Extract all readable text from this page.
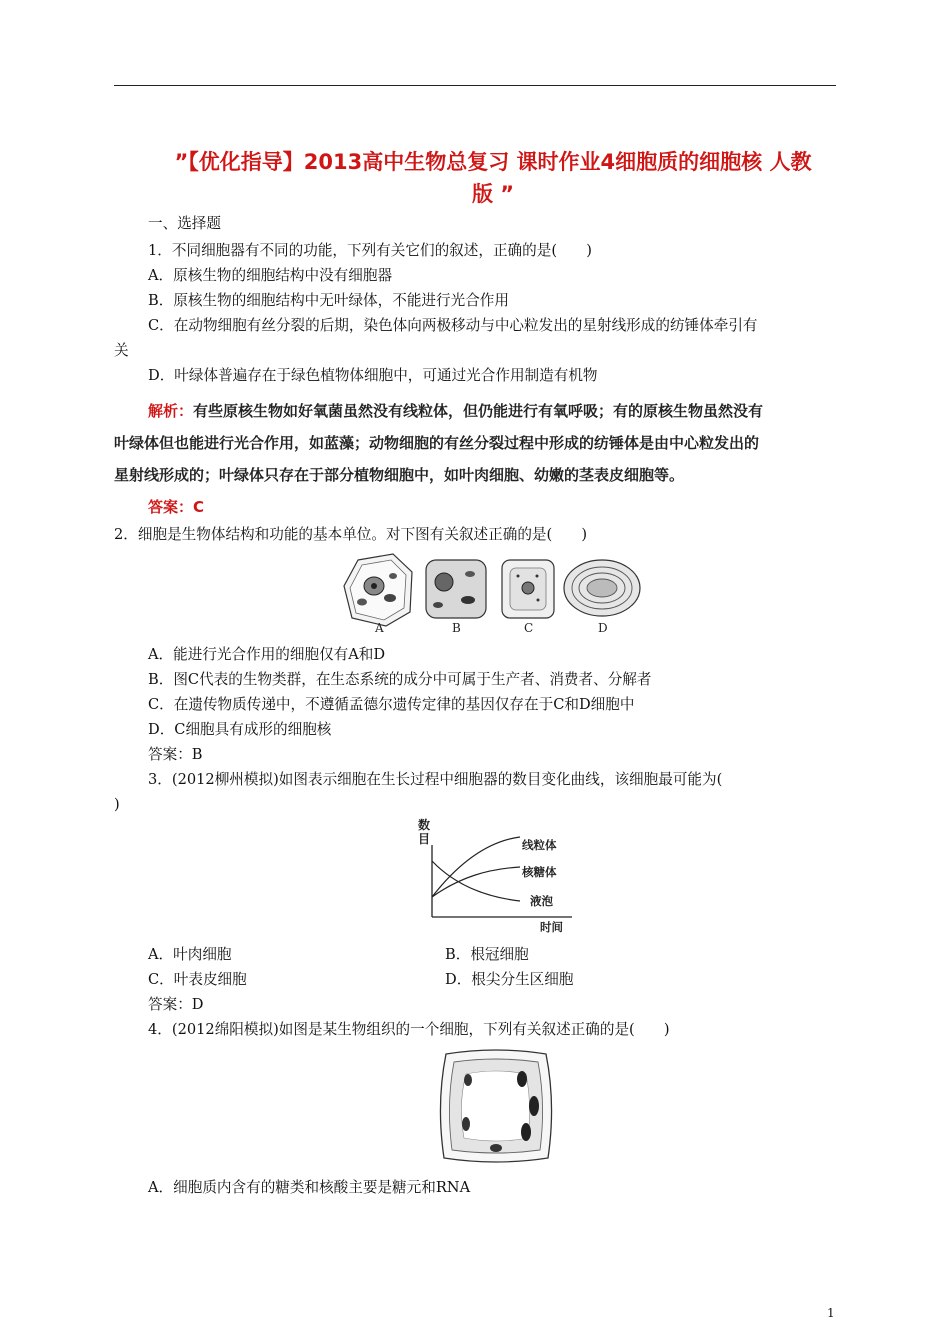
”【优化指导】2013高中生物总复习 课时作业4细胞质的细胞核 人教
版 ”
一、选择题
1．不同细胞器有不同的功能，下列有关它们的叙述，正确的是(　　)
A．原核生物的细胞结构中没有细胞器
B．原核生物的细胞结构中无叶绿体，不能进行光合作用
C．在动物细胞有丝分裂的后期，染色体向两极移动与中心粒发出的星射线形成的纺锤体牵引有
关
D．叶绿体普遍存在于绿色植物体细胞中，可通过光合作用制造有机物
解析：有些原核生物如好氧菌虽然没有线粒体，但仍能进行有氧呼吸；有的原核生物虽然没有
叶绿体但也能进行光合作用，如蓝藻；动物细胞的有丝分裂过程中形成的纺锤体是由中心粒发出的
星射线形成的；叶绿体只存在于部分植物细胞中，如叶肉细胞、幼嫩的茎表皮细胞等。
答案：C
2．细胞是生物体结构和功能的基本单位。对下图有关叙述正确的是(　　)
A	B	C	D
A．能进行光合作用的细胞仅有A和D
B．图C代表的生物类群，在生态系统的成分中可属于生产者、消费者、分解者
C．在遗传物质传递中，不遵循孟德尔遗传定律的基因仅存在于C和D细胞中
D．C细胞具有成形的细胞核
答案：B
3．(2012柳州模拟)如图表示细胞在生长过程中细胞器的数目变化曲线，该细胞最可能为(
)
数
目	线粒体
核糖体
液泡
时间
A．叶肉细胞	B．根冠细胞
C．叶表皮细胞	D．根尖分生区细胞
答案：D
4．(2012绵阳模拟)如图是某生物组织的一个细胞，下列有关叙述正确的是(　　)
A．细胞质内含有的糖类和核酸主要是糖元和RNA
1
